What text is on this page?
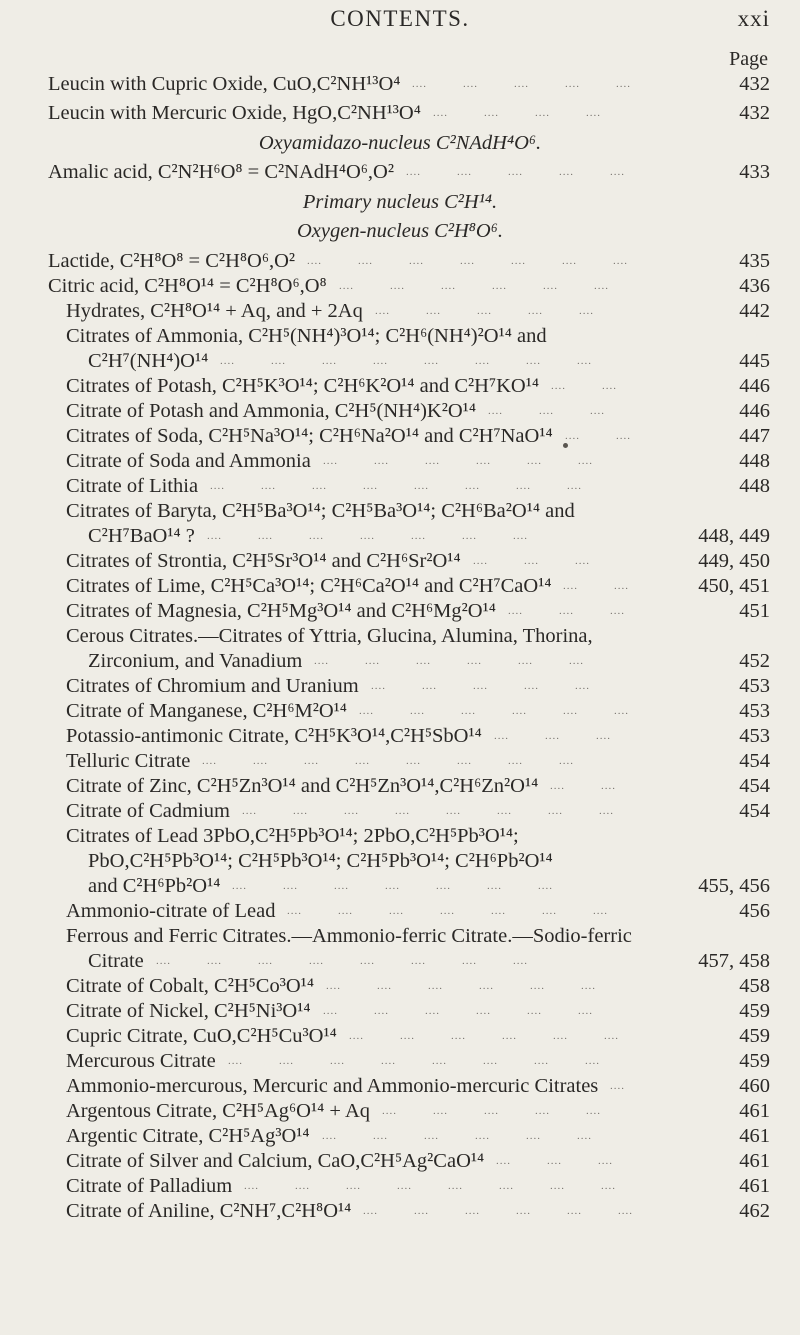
CONTENTS.	xxi
Page
Leucin with Cupric Oxide, CuO,C²NH¹³O⁴	432
Leucin with Mercuric Oxide, HgO,C²NH¹³O⁴	432
Oxyamidazo-nucleus C²NAdH⁴O⁶.
Amalic acid, C²N²H⁶O⁸ = C²NAdH⁴O⁶,O²	433
Primary nucleus C²H¹⁴.
Oxygen-nucleus C²H⁸O⁶.
Lactide, C²H⁸O⁸ = C²H⁸O⁶,O²	435
Citric acid, C²H⁸O¹⁴ = C²H⁸O⁶,O⁸	436
Hydrates, C²H⁸O¹⁴ + Aq, and + 2Aq	442
Citrates of Ammonia, C²H⁵(NH⁴)³O¹⁴; C²H⁶(NH⁴)²O¹⁴ and
C²H⁷(NH⁴)O¹⁴	445
Citrates of Potash, C²H⁵K³O¹⁴; C²H⁶K²O¹⁴ and C²H⁷KO¹⁴	446
Citrate of Potash and Ammonia, C²H⁵(NH⁴)K²O¹⁴	446
Citrates of Soda, C²H⁵Na³O¹⁴; C²H⁶Na²O¹⁴ and C²H⁷NaO¹⁴	447
Citrate of Soda and Ammonia	448
Citrate of Lithia	448
Citrates of Baryta, C²H⁵Ba³O¹⁴; C²H⁵Ba³O¹⁴; C²H⁶Ba²O¹⁴ and
C²H⁷BaO¹⁴ ?	448, 449
Citrates of Strontia, C²H⁵Sr³O¹⁴ and C²H⁶Sr²O¹⁴	449, 450
Citrates of Lime, C²H⁵Ca³O¹⁴; C²H⁶Ca²O¹⁴ and C²H⁷CaO¹⁴	450, 451
Citrates of Magnesia, C²H⁵Mg³O¹⁴ and C²H⁶Mg²O¹⁴	451
Cerous Citrates.—Citrates of Yttria, Glucina, Alumina, Thorina,
Zirconium, and Vanadium	452
Citrates of Chromium and Uranium	453
Citrate of Manganese, C²H⁶M²O¹⁴	453
Potassio-antimonic Citrate, C²H⁵K³O¹⁴,C²H⁵SbO¹⁴	453
Telluric Citrate	454
Citrate of Zinc, C²H⁵Zn³O¹⁴ and C²H⁵Zn³O¹⁴,C²H⁶Zn²O¹⁴	454
Citrate of Cadmium	454
Citrates of Lead 3PbO,C²H⁵Pb³O¹⁴; 2PbO,C²H⁵Pb³O¹⁴;
PbO,C²H⁵Pb³O¹⁴; C²H⁵Pb³O¹⁴; C²H⁵Pb³O¹⁴; C²H⁶Pb²O¹⁴
and C²H⁶Pb²O¹⁴	455, 456
Ammonio-citrate of Lead	456
Ferrous and Ferric Citrates.—Ammonio-ferric Citrate.—Sodio-ferric
Citrate	457, 458
Citrate of Cobalt, C²H⁵Co³O¹⁴	458
Citrate of Nickel, C²H⁵Ni³O¹⁴	459
Cupric Citrate, CuO,C²H⁵Cu³O¹⁴	459
Mercurous Citrate	459
Ammonio-mercurous, Mercuric and Ammonio-mercuric Citrates	460
Argentous Citrate, C²H⁵Ag⁶O¹⁴ + Aq	461
Argentic Citrate, C²H⁵Ag³O¹⁴	461
Citrate of Silver and Calcium, CaO,C²H⁵Ag²CaO¹⁴	461
Citrate of Palladium	461
Citrate of Aniline, C²NH⁷,C²H⁸O¹⁴	462
....   ....   ....   ....   ....   
....   ....   ....   ....   
....   ....   ....   ....   ....   
....   ....   ....   ....   ....   ....   ....   
....   ....   ....   ....   ....   ....   
....   ....   ....   ....   ....   
....   ....   ....   ....   ....   ....   ....   ....   
....   ....   
....   ....   ....   
....   ....   
....   ....   ....   ....   ....   ....   
....   ....   ....   ....   ....   ....   ....   ....   
....   ....   ....   ....   ....   ....   ....   
....   ....   ....   
....   ....   
....   ....   ....   
....   ....   ....   ....   ....   ....   
....   ....   ....   ....   ....   
....   ....   ....   ....   ....   ....   
....   ....   ....   
....   ....   ....   ....   ....   ....   ....   ....   
....   ....   
....   ....   ....   ....   ....   ....   ....   ....   
....   ....   ....   ....   ....   ....   ....   
....   ....   ....   ....   ....   ....   ....   
....   ....   ....   ....   ....   ....   ....   ....   
....   ....   ....   ....   ....   ....   
....   ....   ....   ....   ....   ....   
....   ....   ....   ....   ....   ....   
....   ....   ....   ....   ....   ....   ....   ....   
....   
....   ....   ....   ....   ....   
....   ....   ....   ....   ....   ....   
....   ....   ....   
....   ....   ....   ....   ....   ....   ....   ....   
....   ....   ....   ....   ....   ....   
